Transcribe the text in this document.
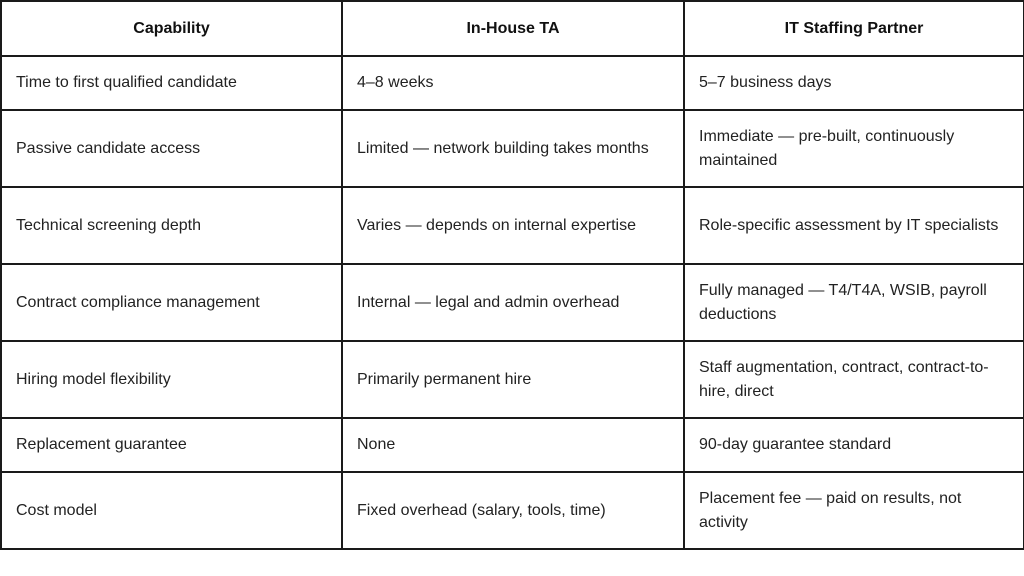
Capability	In-House TA	IT Staffing Partner
Time to first qualified candidate	4–8 weeks	5–7 business days
Passive candidate access	Limited — network building takes months	Immediate — pre-built, continuously maintained
Technical screening depth	Varies — depends on internal expertise	Role-specific assessment by IT specialists
Contract compliance management	Internal — legal and admin overhead	Fully managed — T4/T4A, WSIB, payroll deductions
Hiring model flexibility	Primarily permanent hire	Staff augmentation, contract, contract-to-hire, direct
Replacement guarantee	None	90-day guarantee standard
Cost model	Fixed overhead (salary, tools, time)	Placement fee — paid on results, not activity
